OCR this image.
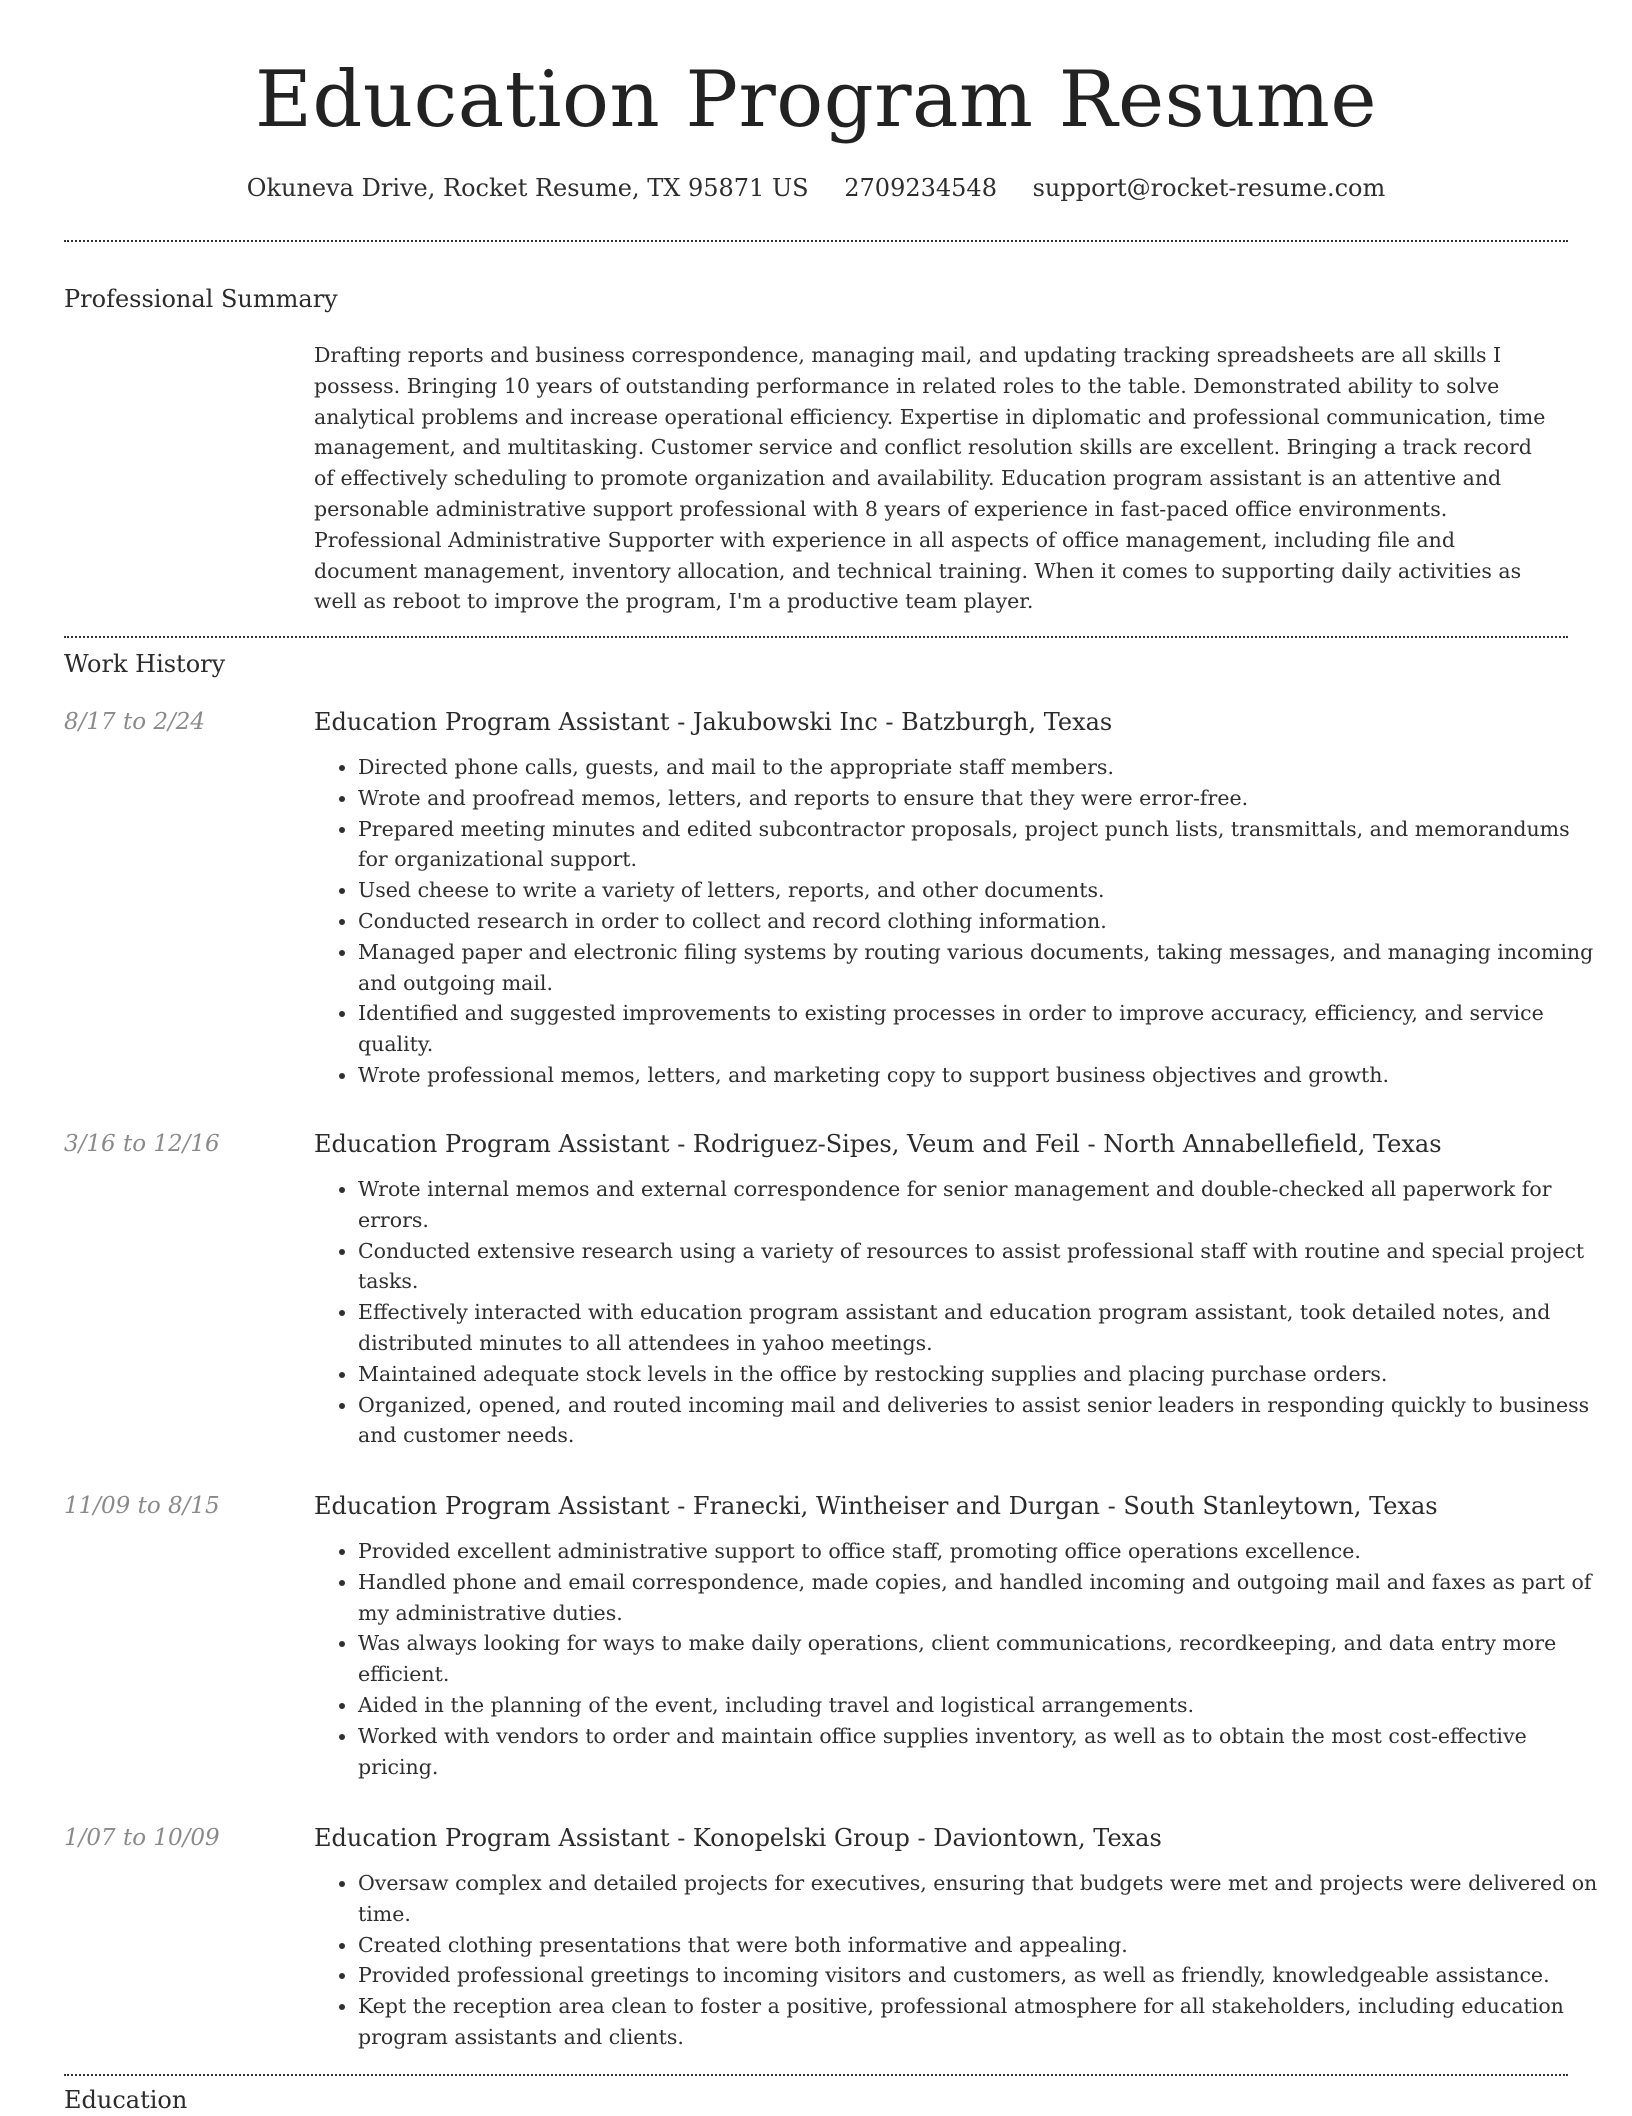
Education Program Resume
Okuneva Drive, Rocket Resume, TX 95871 US 2709234548 support@rocket-resume.com
Professional Summary
Drafting reports and business correspondence, managing mail, and updating tracking spreadsheets are all skills I possess. Bringing 10 years of outstanding performance in related roles to the table. Demonstrated ability to solve analytical problems and increase operational efficiency. Expertise in diplomatic and professional communication, time management, and multitasking. Customer service and conflict resolution skills are excellent. Bringing a track record of effectively scheduling to promote organization and availability. Education program assistant is an attentive and personable administrative support professional with 8 years of experience in fast-paced office environments. Professional Administrative Supporter with experience in all aspects of office management, including file and document management, inventory allocation, and technical training. When it comes to supporting daily activities as well as reboot to improve the program, I'm a productive team player.
Work History
8/17 to 2/24	Education Program Assistant - Jakubowski Inc - Batzburgh, Texas
• Directed phone calls, guests, and mail to the appropriate staff members.
• Wrote and proofread memos, letters, and reports to ensure that they were error-free.
• Prepared meeting minutes and edited subcontractor proposals, project punch lists, transmittals, and memorandums for organizational support.
• Used cheese to write a variety of letters, reports, and other documents.
• Conducted research in order to collect and record clothing information.
• Managed paper and electronic filing systems by routing various documents, taking messages, and managing incoming and outgoing mail.
• Identified and suggested improvements to existing processes in order to improve accuracy, efficiency, and service quality.
• Wrote professional memos, letters, and marketing copy to support business objectives and growth.
3/16 to 12/16	Education Program Assistant - Rodriguez-Sipes, Veum and Feil - North Annabellefield, Texas
• Wrote internal memos and external correspondence for senior management and double-checked all paperwork for errors.
• Conducted extensive research using a variety of resources to assist professional staff with routine and special project tasks.
• Effectively interacted with education program assistant and education program assistant, took detailed notes, and distributed minutes to all attendees in yahoo meetings.
• Maintained adequate stock levels in the office by restocking supplies and placing purchase orders.
• Organized, opened, and routed incoming mail and deliveries to assist senior leaders in responding quickly to business and customer needs.
11/09 to 8/15	Education Program Assistant - Franecki, Wintheiser and Durgan - South Stanleytown, Texas
• Provided excellent administrative support to office staff, promoting office operations excellence.
• Handled phone and email correspondence, made copies, and handled incoming and outgoing mail and faxes as part of my administrative duties.
• Was always looking for ways to make daily operations, client communications, recordkeeping, and data entry more efficient.
• Aided in the planning of the event, including travel and logistical arrangements.
• Worked with vendors to order and maintain office supplies inventory, as well as to obtain the most cost-effective pricing.
1/07 to 10/09	Education Program Assistant - Konopelski Group - Daviontown, Texas
• Oversaw complex and detailed projects for executives, ensuring that budgets were met and projects were delivered on time.
• Created clothing presentations that were both informative and appealing.
• Provided professional greetings to incoming visitors and customers, as well as friendly, knowledgeable assistance.
• Kept the reception area clean to foster a positive, professional atmosphere for all stakeholders, including education program assistants and clients.
Education
